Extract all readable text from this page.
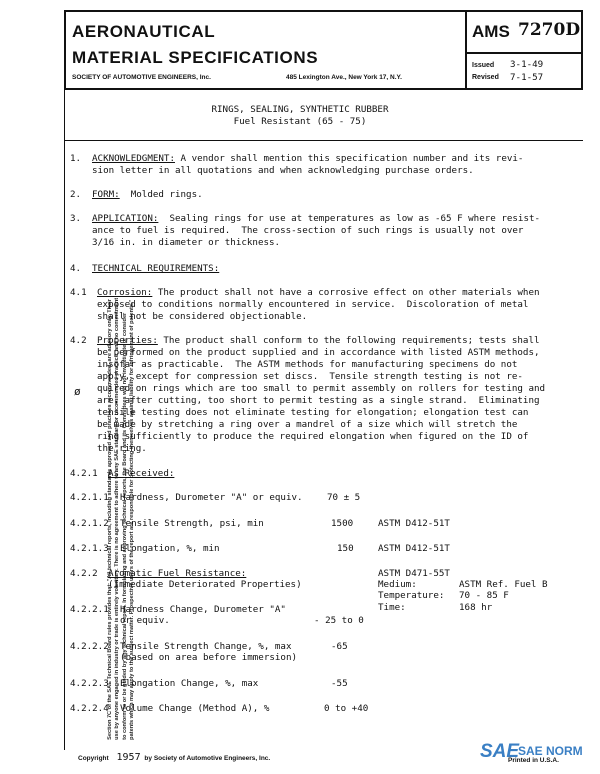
Section 7C of the SAE Technical Board rules provides that: "All technical reports, including standards approved and practices recommended, are advisory only. Their use by anyone engaged in industry or trade is entirely voluntary. There is no agreement to adhere to any SAE standard or recommended practice, and no commitment to conform to or be guided by any technical report. In formulating and approving technical reports, the Board and its Committees will not investigate or consider patents which may apply to the subject matter. Prospective users of the report are responsible for protecting themselves against liability for infringement of patents."
AERONAUTICAL
MATERIAL SPECIFICATIONS
SOCIETY OF AUTOMOTIVE ENGINEERS, Inc.	485 Lexington Ave., New York 17, N.Y.
AMS 7270D
Issued 3-1-49
Revised 7-1-57
RINGS, SEALING, SYNTHETIC RUBBER
Fuel Resistant (65 - 75)
1. ACKNOWLEDGMENT: A vendor shall mention this specification number and its revi-
sion letter in all quotations and when acknowledging purchase orders.
2. FORM:  Molded rings.
3. APPLICATION:  Sealing rings for use at temperatures as low as -65 F where resist-
ance to fuel is required.  The cross-section of such rings is usually not over
3/16 in. in diameter or thickness.
4. TECHNICAL REQUIREMENTS:
4.1 Corrosion: The product shall not have a corrosive effect on other materials when
exposed to conditions normally encountered in service.  Discoloration of metal
shall not be considered objectionable.
4.2
ø
Properties: The product shall conform to the following requirements; tests shall
be performed on the product supplied and in accordance with listed ASTM methods,
insofar as practicable.  The ASTM methods for manufacturing specimens do not
apply, except for compression set discs.  Tensile strength testing is not re-
quired on rings which are too small to permit assembly on rollers for testing and
are, after cutting, too short to permit testing as a single strand.  Eliminating
tensile testing does not eliminate testing for elongation; elongation test can
be made by stretching a ring over a mandrel of a size which will stretch the
ring sufficiently to produce the required elongation when figured on the ID of
the ring.
4.2.1 As Received:
4.2.1.1 Hardness, Durometer "A" or equiv.	70 ± 5
4.2.1.2 Tensile Strength, psi, min	1500	ASTM D412-51T
4.2.1.3 Elongation, %, min	150	ASTM D412-51T
4.2.2 Aromatic Fuel Resistance:
(Immediate Deteriorated Properties)
ASTM D471-55T
Medium:	ASTM Ref. Fuel B
Temperature: 70 - 85 F
Time:	168 hr
4.2.2.1 Hardness Change, Durometer "A"
or equiv.	- 25 to 0
4.2.2.2 Tensile Strength Change, %, max
(based on area before immersion)
-65
4.2.2.3 Elongation Change, %, max	-55
4.2.2.4 Volume Change (Method A), %	0 to +40
Copyright 1957 by Society of Automotive Engineers, Inc.	Printed in U.S.A.
SAE
SAE NORM
